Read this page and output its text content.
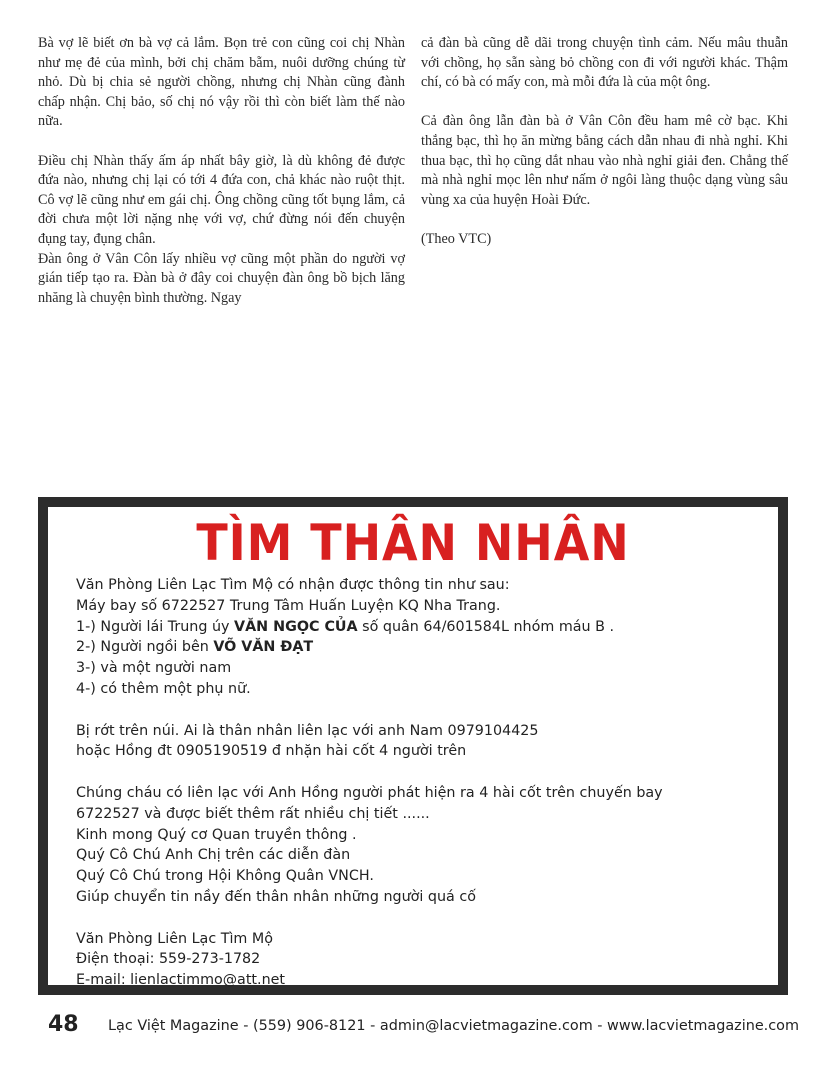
Bà vợ lẽ biết ơn bà vợ cả lắm. Bọn trẻ con cũng coi chị Nhàn như mẹ đẻ của mình, bởi chị chăm bẵm, nuôi dưỡng chúng từ nhỏ. Dù bị chia sẻ người chồng, nhưng chị Nhàn cũng đành chấp nhận. Chị bảo, số chị nó vậy rồi thì còn biết làm thế nào nữa.

Điều chị Nhàn thấy ấm áp nhất bây giờ, là dù không đẻ được đứa nào, nhưng chị lại có tới 4 đứa con, chả khác nào ruột thịt. Cô vợ lẽ cũng như em gái chị. Ông chồng cũng tốt bụng lắm, cả đời chưa một lời nặng nhẹ với vợ, chứ đừng nói đến chuyện đụng tay, đụng chân.

Đàn ông ở Vân Côn lấy nhiều vợ cũng một phần do người vợ gián tiếp tạo ra. Đàn bà ở đây coi chuyện đàn ông bồ bịch lăng nhăng là chuyện bình thường. Ngay

cả đàn bà cũng dễ dãi trong chuyện tình cảm. Nếu mâu thuẫn với chồng, họ sẵn sàng bỏ chồng con đi với người khác. Thậm chí, có bà có mấy con, mà mỗi đứa là của một ông.

Cả đàn ông lẫn đàn bà ở Vân Côn đều ham mê cờ bạc. Khi thắng bạc, thì họ ăn mừng bằng cách dẫn nhau đi nhà nghỉ. Khi thua bạc, thì họ cũng dắt nhau vào nhà nghỉ giải đen. Chẳng thế mà nhà nghỉ mọc lên như nấm ở ngôi làng thuộc dạng vùng sâu vùng xa của huyện Hoài Đức.

(Theo VTC)

TÌM THÂN NHÂN
Văn Phòng Liên Lạc Tìm Mộ có nhận được thông tin như sau:
Máy bay số 6722527 Trung Tâm Huấn Luyện KQ Nha Trang.
1-) Người lái Trung úy VĂN NGỌC CỦA số quân 64/601584L nhóm máu B .
2-) Người ngồi bên VÕ VĂN ĐẠT
3-) và một người nam
4-) có thêm một phụ nữ.
Bị rớt trên núi. Ai là thân nhân liên lạc với anh Nam 0979104425
hoặc Hồng đt 0905190519 đ nhặn hài cốt 4 người trên
Chúng cháu có liên lạc với Anh Hồng người phát hiện ra 4 hài cốt trên chuyến bay
6722527 và được biết thêm rất nhiều chị tiết ......
Kinh mong Quý cơ Quan truyền thông .
Quý Cô Chú Anh Chị trên các diễn đàn
Quý Cô Chú trong Hội Không Quân VNCH.
Giúp chuyển tin nầy đến thân nhân những người quá cố
Văn Phòng Liên Lạc Tìm Mộ
Điện thoại: 559-273-1782
E-mail: lienlactimmo@att.net
48 Lạc Việt Magazine - (559) 906-8121 - admin@lacvietmagazine.com - www.lacvietmagazine.com
